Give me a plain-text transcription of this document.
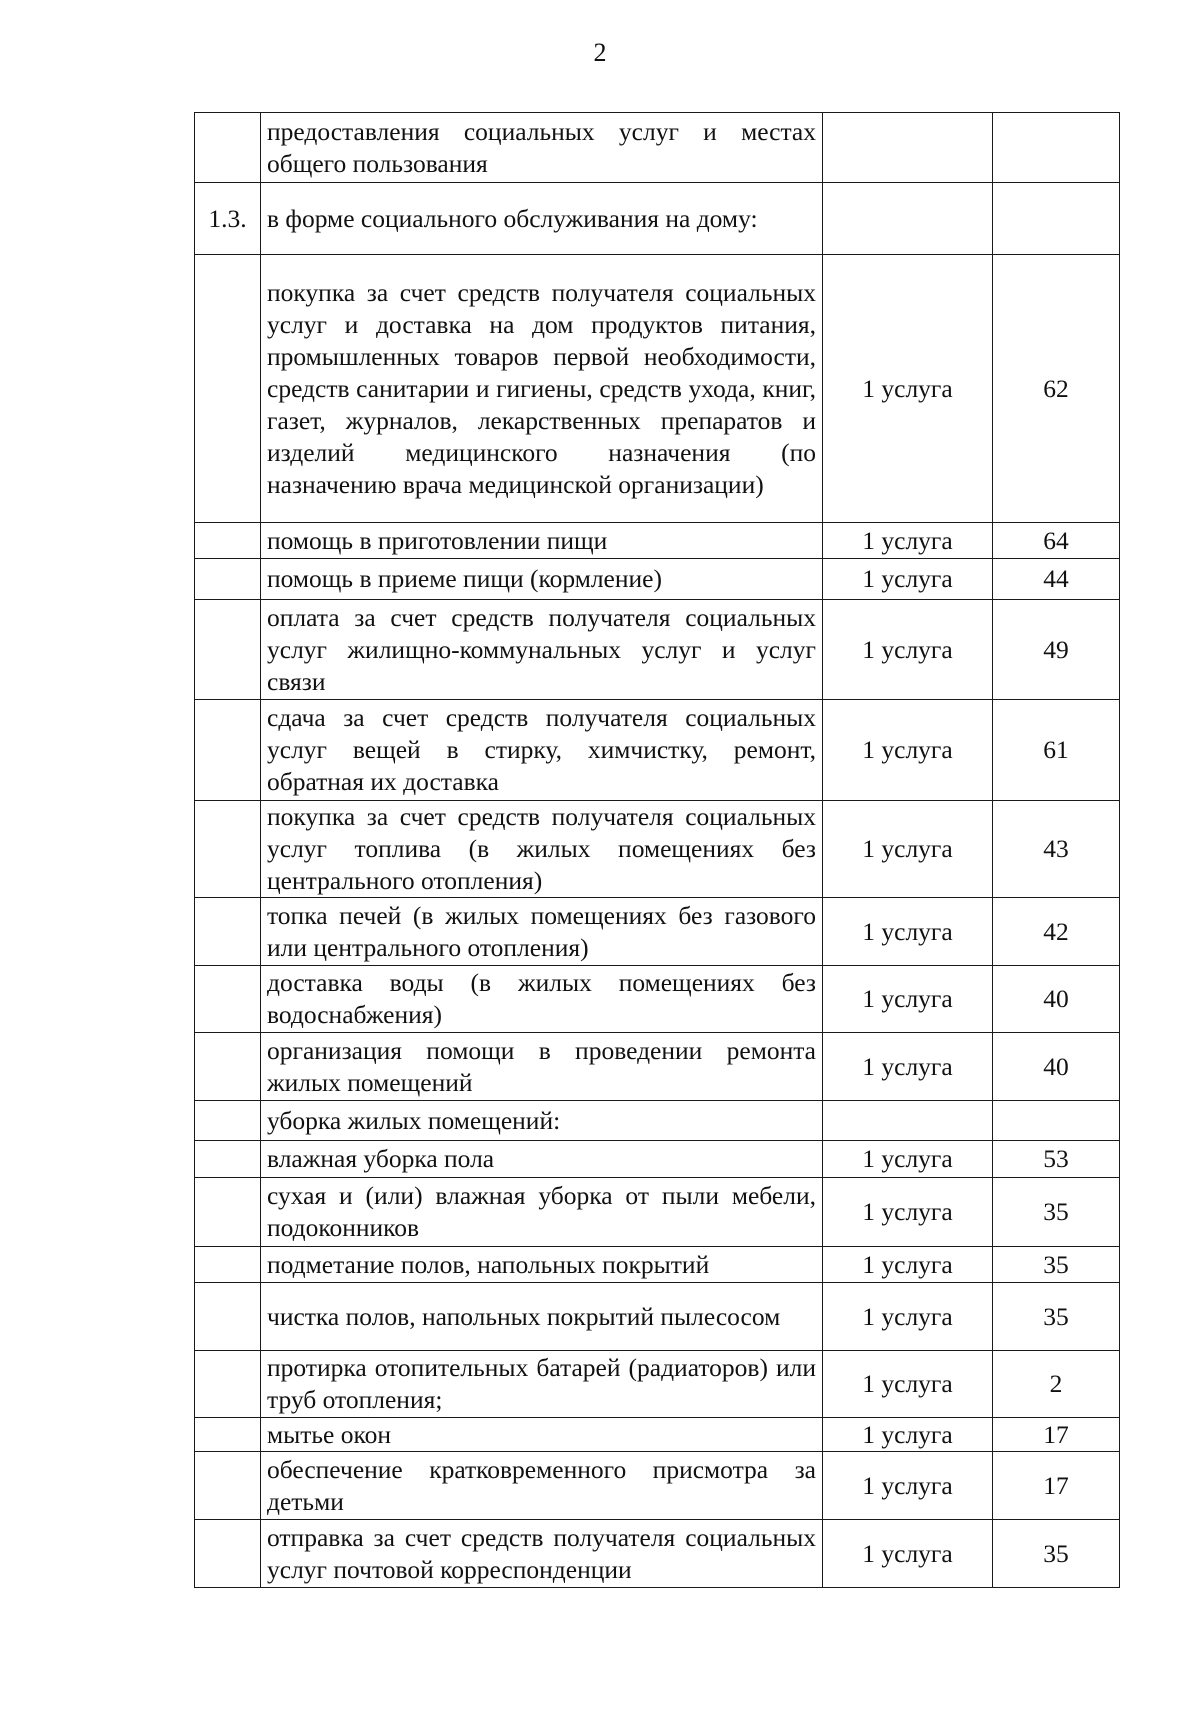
2
	предоставления социальных услуг и местах общего пользования		
1.3.	в форме социального обслуживания на дому:		
	покупка за счет средств получателя социальных услуг и доставка на дом продуктов питания, промышленных товаров первой необходимости, средств санитарии и гигиены, средств ухода, книг, газет, журналов, лекарственных препаратов и изделий медицинского назначения (по назначению врача медицинской организации)	1 услуга	62
	помощь в приготовлении пищи	1 услуга	64
	помощь в приеме пищи (кормление)	1 услуга	44
	оплата за счет средств получателя социальных услуг жилищно-коммунальных услуг и услуг связи	1 услуга	49
	сдача за счет средств получателя социальных услуг вещей в стирку, химчистку, ремонт, обратная их доставка	1 услуга	61
	покупка за счет средств получателя социальных услуг топлива (в жилых помещениях без центрального отопления)	1 услуга	43
	топка печей (в жилых помещениях без газового или центрального отопления)	1 услуга	42
	доставка воды (в жилых помещениях без водоснабжения)	1 услуга	40
	организация помощи в проведении ремонта жилых помещений	1 услуга	40
	уборка жилых помещений:		
	влажная уборка пола	1 услуга	53
	сухая и (или) влажная уборка от пыли мебели, подоконников	1 услуга	35
	подметание полов, напольных покрытий	1 услуга	35
	чистка полов, напольных покрытий пылесосом	1 услуга	35
	протирка отопительных батарей (радиаторов) или труб отопления;	1 услуга	2
	мытье окон	1 услуга	17
	обеспечение кратковременного присмотра за детьми	1 услуга	17
	отправка за счет средств получателя социальных услуг почтовой корреспонденции	1 услуга	35
